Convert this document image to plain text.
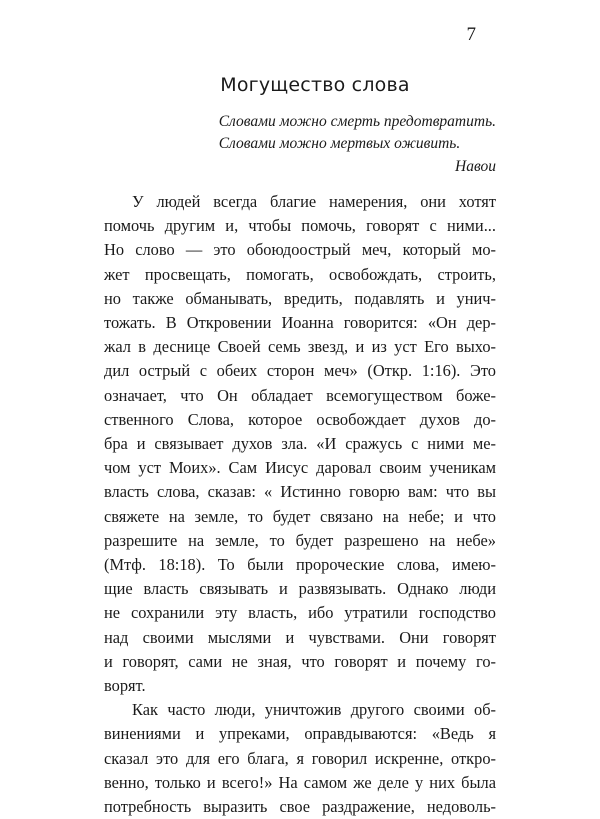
7
Могущество слова
Словами можно смерть предотвратить.
Словами можно мертвых оживить.
Навои
У людей всегда благие намерения, они хотят
помочь другим и, чтобы помочь, говорят с ними...
Но слово — это обоюдоострый меч, который мо-
жет просвещать, помогать, освобождать, строить,
но также обманывать, вредить, подавлять и унич-
тожать. В Откровении Иоанна говорится: «Он дер-
жал в деснице Своей семь звезд, и из уст Его выхо-
дил острый с обеих сторон меч» (Откр. 1:16). Это
означает, что Он обладает всемогуществом боже-
ственного Слова, которое освобождает духов до-
бра и связывает духов зла. «И сражусь с ними ме-
чом уст Моих». Сам Иисус даровал своим ученикам
власть слова, сказав: « Истинно говорю вам: что вы
свяжете на земле, то будет связано на небе; и что
разрешите на земле, то будет разрешено на небе»
(Мтф. 18:18). То были пророческие слова, имею-
щие власть связывать и развязывать. Однако люди
не сохранили эту власть, ибо утратили господство
над своими мыслями и чувствами. Они говорят
и говорят, сами не зная, что говорят и почему го-
ворят.
Как часто люди, уничтожив другого своими об-
винениями и упреками, оправдываются: «Ведь я
сказал это для его блага, я говорил искренне, откро-
венно, только и всего!» На самом же деле у них была
потребность выразить свое раздражение, недоволь-
